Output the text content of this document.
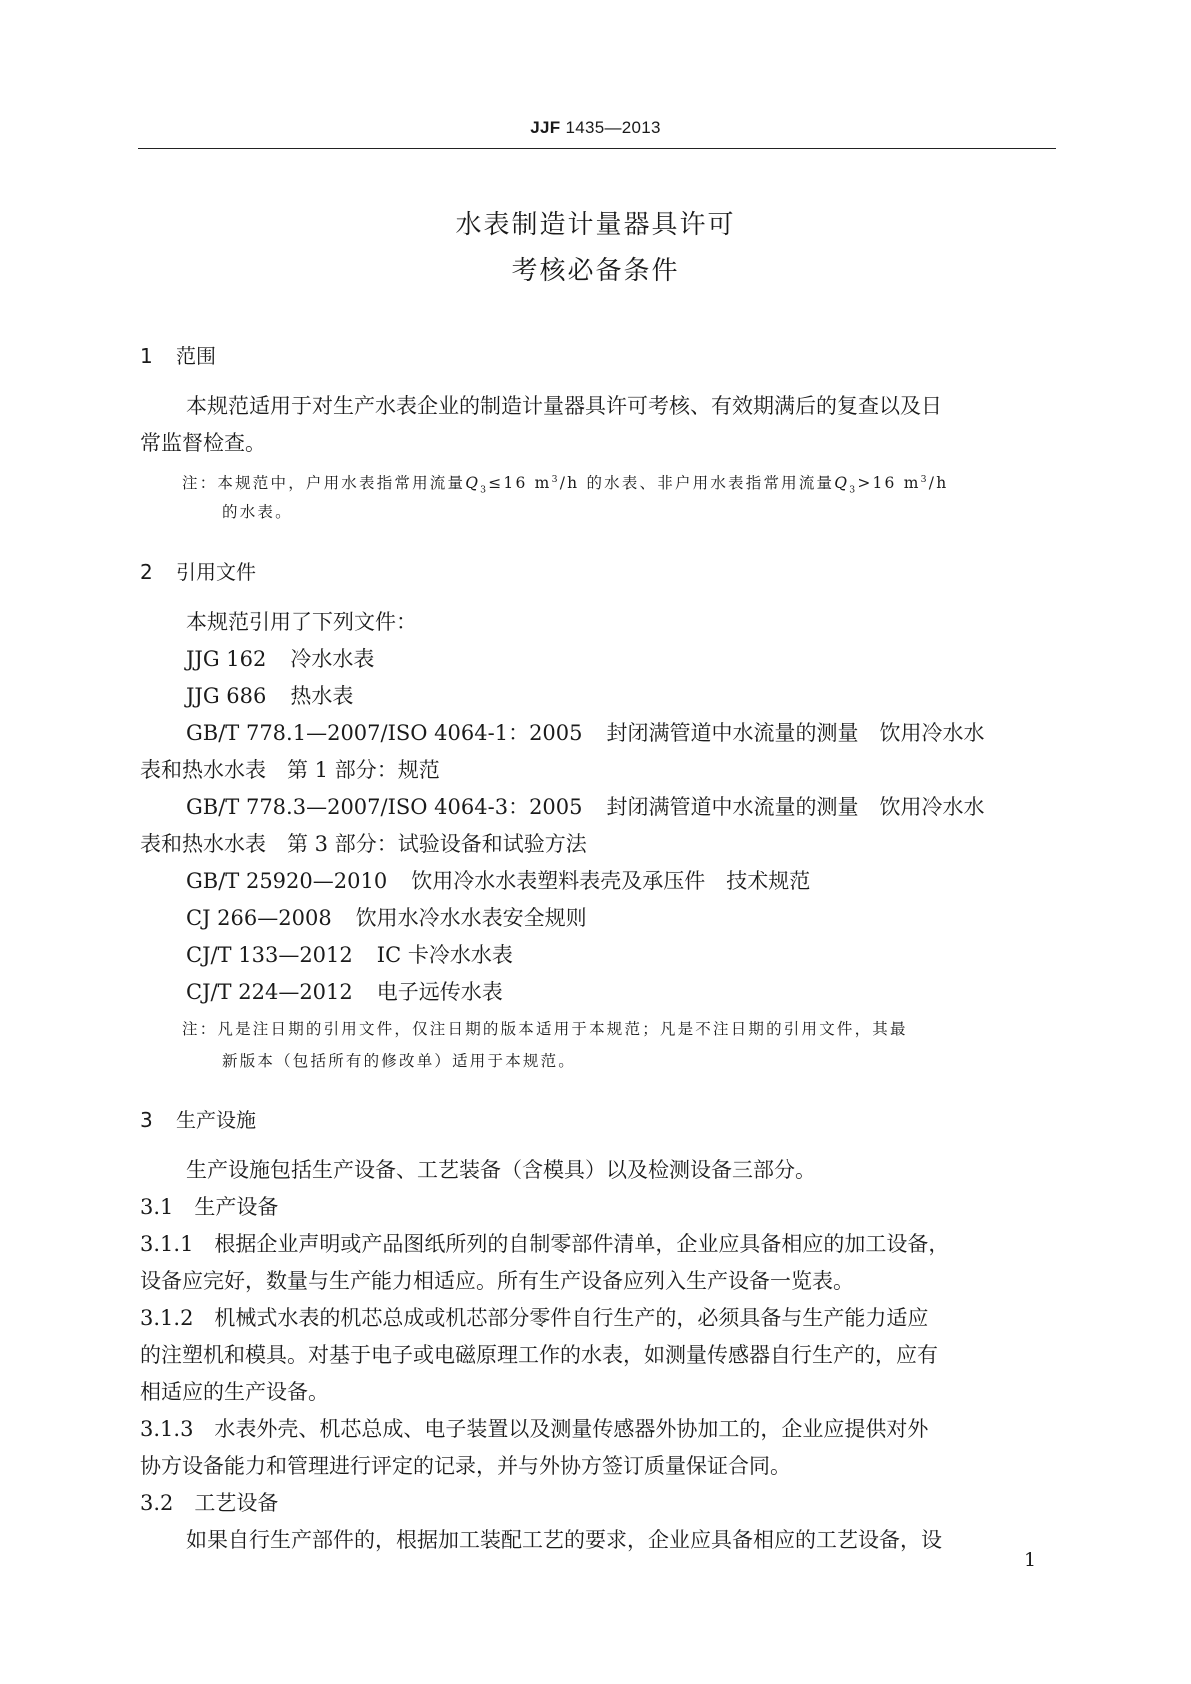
JJF 1435—2013
水表制造计量器具许可
考核必备条件
1 范围
本规范适用于对生产水表企业的制造计量器具许可考核、有效期满后的复查以及日
常监督检查。
注：本规范中，户用水表指常用流量$Q_3\le 16$ $m^3/h$ 的水表、非户用水表指常用流量$Q_3>16$ $m^3/h$
的水表。
2 引用文件
本规范引用了下列文件：
JJG 162 冷水水表
JJG 686 热水表
GB/T 778.1—2007/ISO 4064-1：2005 封闭满管道中水流量的测量　饮用冷水水
表和热水水表　第 1 部分：规范
GB/T 778.3—2007/ISO 4064-3：2005 封闭满管道中水流量的测量　饮用冷水水
表和热水水表　第 3 部分：试验设备和试验方法
GB/T 25920—2010 饮用冷水水表塑料表壳及承压件　技术规范
CJ 266—2008 饮用水冷水水表安全规则
CJ/T 133—2012 IC 卡冷水水表
CJ/T 224—2012 电子远传水表
注：凡是注日期的引用文件，仅注日期的版本适用于本规范；凡是不注日期的引用文件，其最
新版本（包括所有的修改单）适用于本规范。
3 生产设施
生产设施包括生产设备、工艺装备（含模具）以及检测设备三部分。
3.1　生产设备
3.1.1　根据企业声明或产品图纸所列的自制零部件清单，企业应具备相应的加工设备，
设备应完好，数量与生产能力相适应。所有生产设备应列入生产设备一览表。
3.1.2　机械式水表的机芯总成或机芯部分零件自行生产的，必须具备与生产能力适应
的注塑机和模具。对基于电子或电磁原理工作的水表，如测量传感器自行生产的，应有
相适应的生产设备。
3.1.3　水表外壳、机芯总成、电子装置以及测量传感器外协加工的，企业应提供对外
协方设备能力和管理进行评定的记录，并与外协方签订质量保证合同。
3.2　工艺设备
如果自行生产部件的，根据加工装配工艺的要求，企业应具备相应的工艺设备，设
1
